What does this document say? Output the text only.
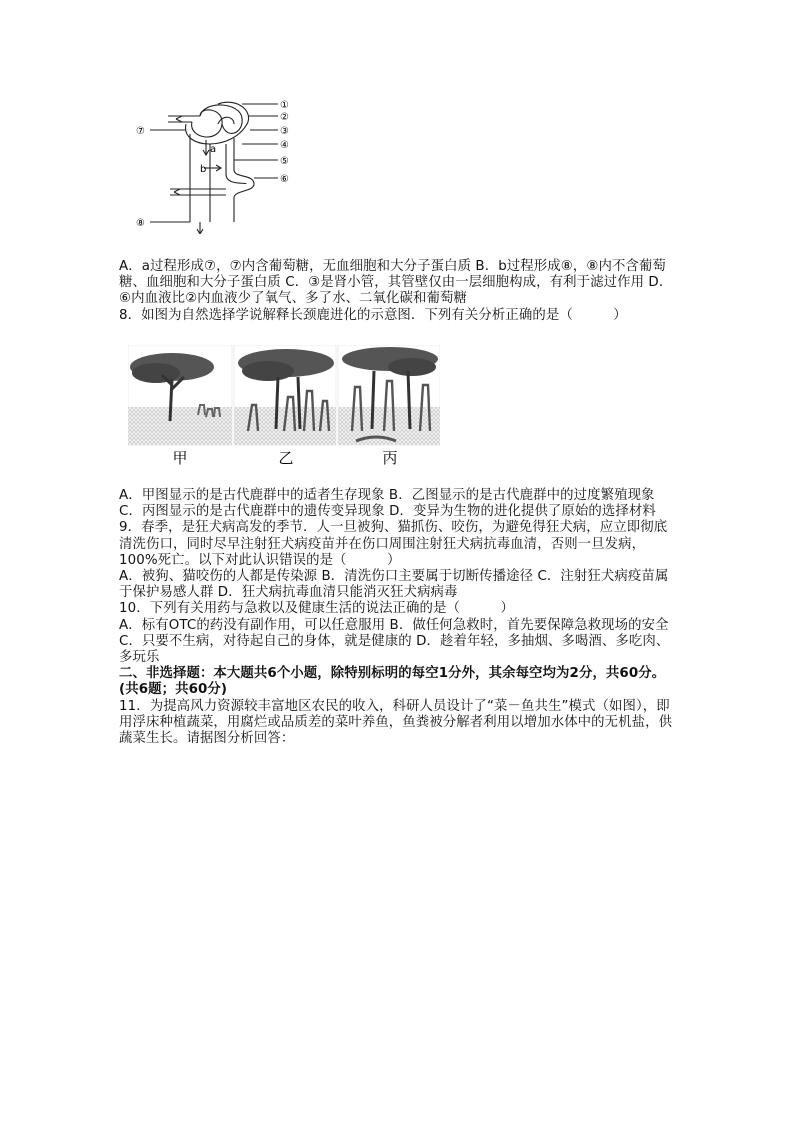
①
②
③
④
⑤
⑥
⑦
⑧
a
b

A．a过程形成⑦，⑦内含葡萄糖，无血细胞和大分子蛋白质 B．b过程形成⑧，⑧内不含葡萄糖、血细胞和大分子蛋白质 C．③是肾小管，其管壁仅由一层细胞构成，有利于滤过作用 D．⑥内血液比②内血液少了氧气、多了水、二氧化碳和葡萄糖

8．如图为自然选择学说解释长颈鹿进化的示意图．下列有关分析正确的是（　　　）

甲	乙	丙

A．甲图显示的是古代鹿群中的适者生存现象 B．乙图显示的是古代鹿群中的过度繁殖现象 C．丙图显示的是古代鹿群中的遗传变异现象 D．变异为生物的进化提供了原始的选择材料

9．春季，是狂犬病高发的季节．人一旦被狗、猫抓伤、咬伤，为避免得狂犬病，应立即彻底清洗伤口，同时尽早注射狂犬病疫苗并在伤口周围注射狂犬病抗毒血清，否则一旦发病，100%死亡。以下对此认识错误的是（　　　）

A．被狗、猫咬伤的人都是传染源 B．清洗伤口主要属于切断传播途径 C．注射狂犬病疫苗属于保护易感人群 D．狂犬病抗毒血清只能消灭狂犬病病毒

10．下列有关用药与急救以及健康生活的说法正确的是（　　　）

A．标有OTC的药没有副作用，可以任意服用 B．做任何急救时，首先要保障急救现场的安全 C．只要不生病，对待起自己的身体，就是健康的 D．趁着年轻，多抽烟、多喝酒、多吃肉、多玩乐

二、非选择题：本大题共6个小题，除特别标明的每空1分外，其余每空均为2分，共60分。(共6题；共60分)

11．为提高风力资源较丰富地区农民的收入，科研人员设计了“菜－鱼共生”模式（如图），即用浮床种植蔬菜，用腐烂或品质差的菜叶养鱼，鱼粪被分解者利用以增加水体中的无机盐，供蔬菜生长。请据图分析回答：
